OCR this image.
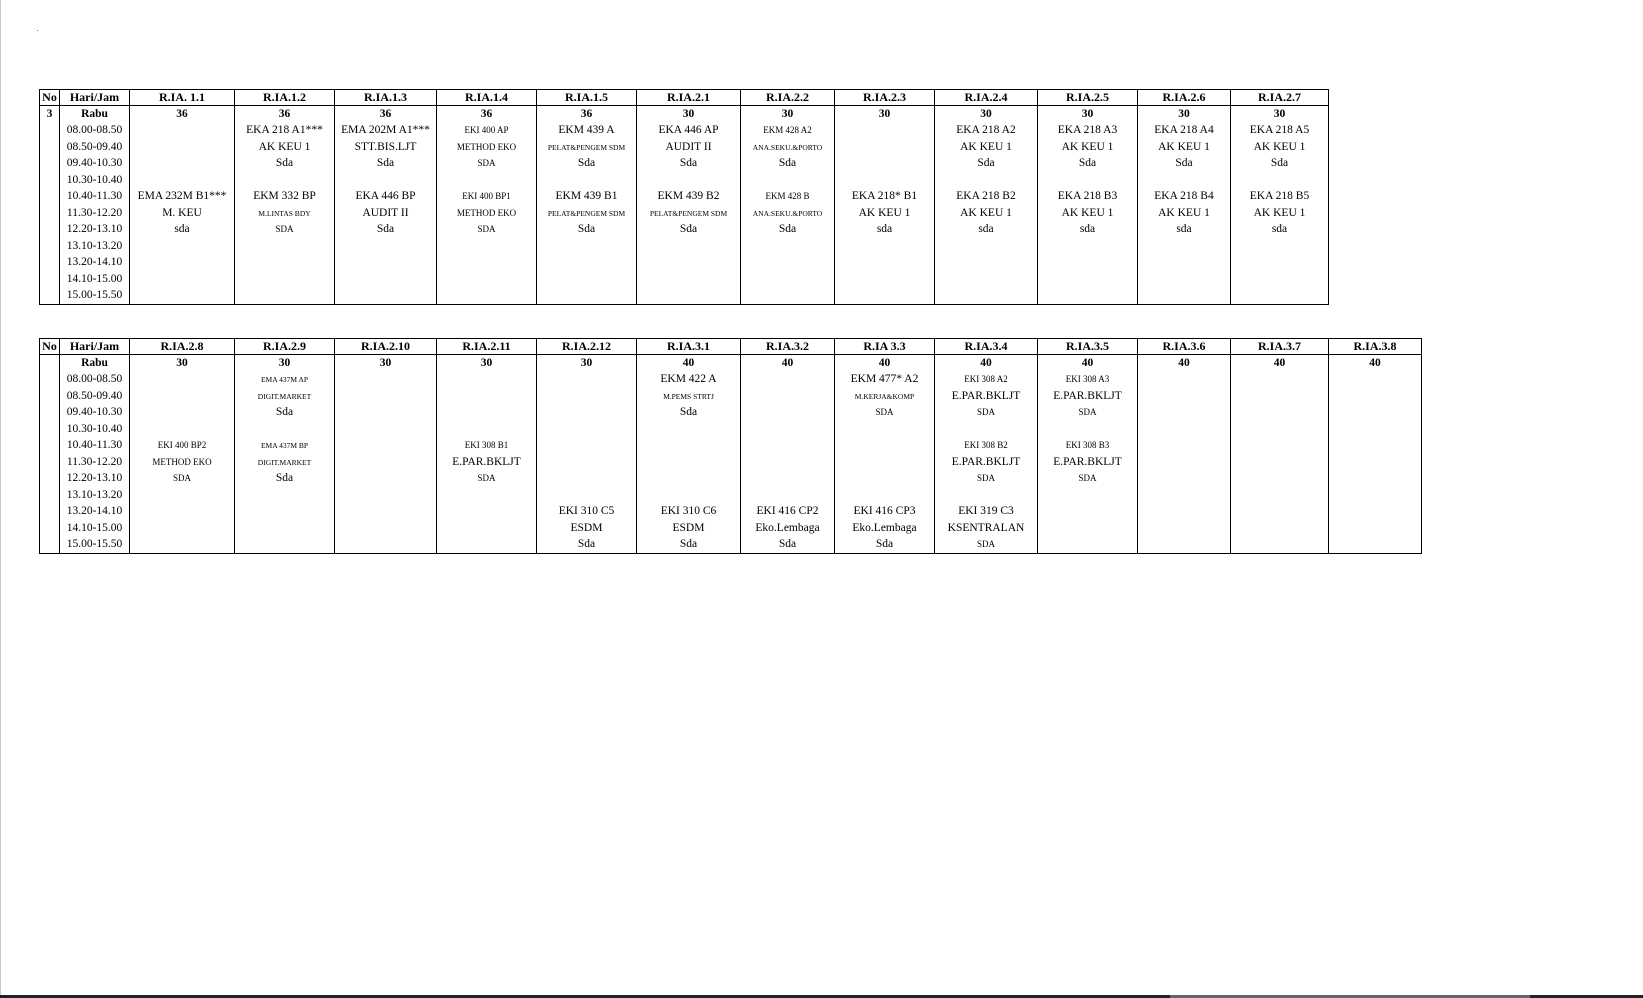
No	Hari/Jam	R.IA. 1.1	R.IA.1.2	R.IA.1.3	R.IA.1.4	R.IA.1.5	R.IA.2.1	R.IA.2.2	R.IA.2.3	R.IA.2.4	R.IA.2.5	R.IA.2.6	R.IA.2.7
3	Rabu	36	36	36	36	36	30	30	30	30	30	30	30
	08.00-08.50		EKA 218 A1***	EMA 202M A1***	EKI 400 AP	EKM 439 A	EKA 446 AP	EKM 428 A2		EKA 218 A2	EKA 218 A3	EKA 218 A4	EKA 218 A5
	08.50-09.40		AK KEU 1	STT.BIS.LJT	METHOD EKO	PELAT&PENGEM SDM	AUDIT II	ANA.SEKU.&PORTO		AK KEU 1	AK KEU 1	AK KEU 1	AK KEU 1
	09.40-10.30		Sda	Sda	SDA	Sda	Sda	Sda		Sda	Sda	Sda	Sda
	10.30-10.40												
	10.40-11.30	EMA 232M B1***	EKM 332 BP	EKA 446 BP	EKI 400 BP1	EKM 439 B1	EKM 439 B2	EKM 428 B	EKA 218* B1	EKA 218 B2	EKA 218 B3	EKA 218 B4	EKA 218 B5
	11.30-12.20	M. KEU	M.LINTAS BDY	AUDIT II	METHOD EKO	PELAT&PENGEM SDM	PELAT&PENGEM SDM	ANA.SEKU.&PORTO	AK KEU 1	AK KEU 1	AK KEU 1	AK KEU 1	AK KEU 1
	12.20-13.10	sda	SDA	Sda	SDA	Sda	Sda	Sda	sda	sda	sda	sda	sda
	13.10-13.20												
	13.20-14.10												
	14.10-15.00												
	15.00-15.50												
No	Hari/Jam	R.IA.2.8	R.IA.2.9	R.IA.2.10	R.IA.2.11	R.IA.2.12	R.IA.3.1	R.IA.3.2	R.IA 3.3	R.IA.3.4	R.IA.3.5	R.IA.3.6	R.IA.3.7	R.IA.3.8
	Rabu	30	30	30	30	30	40	40	40	40	40	40	40	40
	08.00-08.50		EMA 437M AP				EKM 422 A		EKM 477* A2	EKI 308 A2	EKI 308 A3			
	08.50-09.40		DIGIT.MARKET				M.PEMS STRTJ		M.KERJA&KOMP	E.PAR.BKLJT	E.PAR.BKLJT			
	09.40-10.30		Sda				Sda		SDA	SDA	SDA			
	10.30-10.40													
	10.40-11.30	EKI 400 BP2	EMA 437M BP		EKI 308 B1					EKI 308 B2	EKI 308 B3			
	11.30-12.20	METHOD EKO	DIGIT.MARKET		E.PAR.BKLJT					E.PAR.BKLJT	E.PAR.BKLJT			
	12.20-13.10	SDA	Sda		SDA					SDA	SDA			
	13.10-13.20													
	13.20-14.10					EKI 310 C5	EKI 310 C6	EKI 416 CP2	EKI 416 CP3	EKI 319 C3				
	14.10-15.00					ESDM	ESDM	Eko.Lembaga	Eko.Lembaga	KSENTRALAN				
	15.00-15.50					Sda	Sda	Sda	Sda	SDA				
